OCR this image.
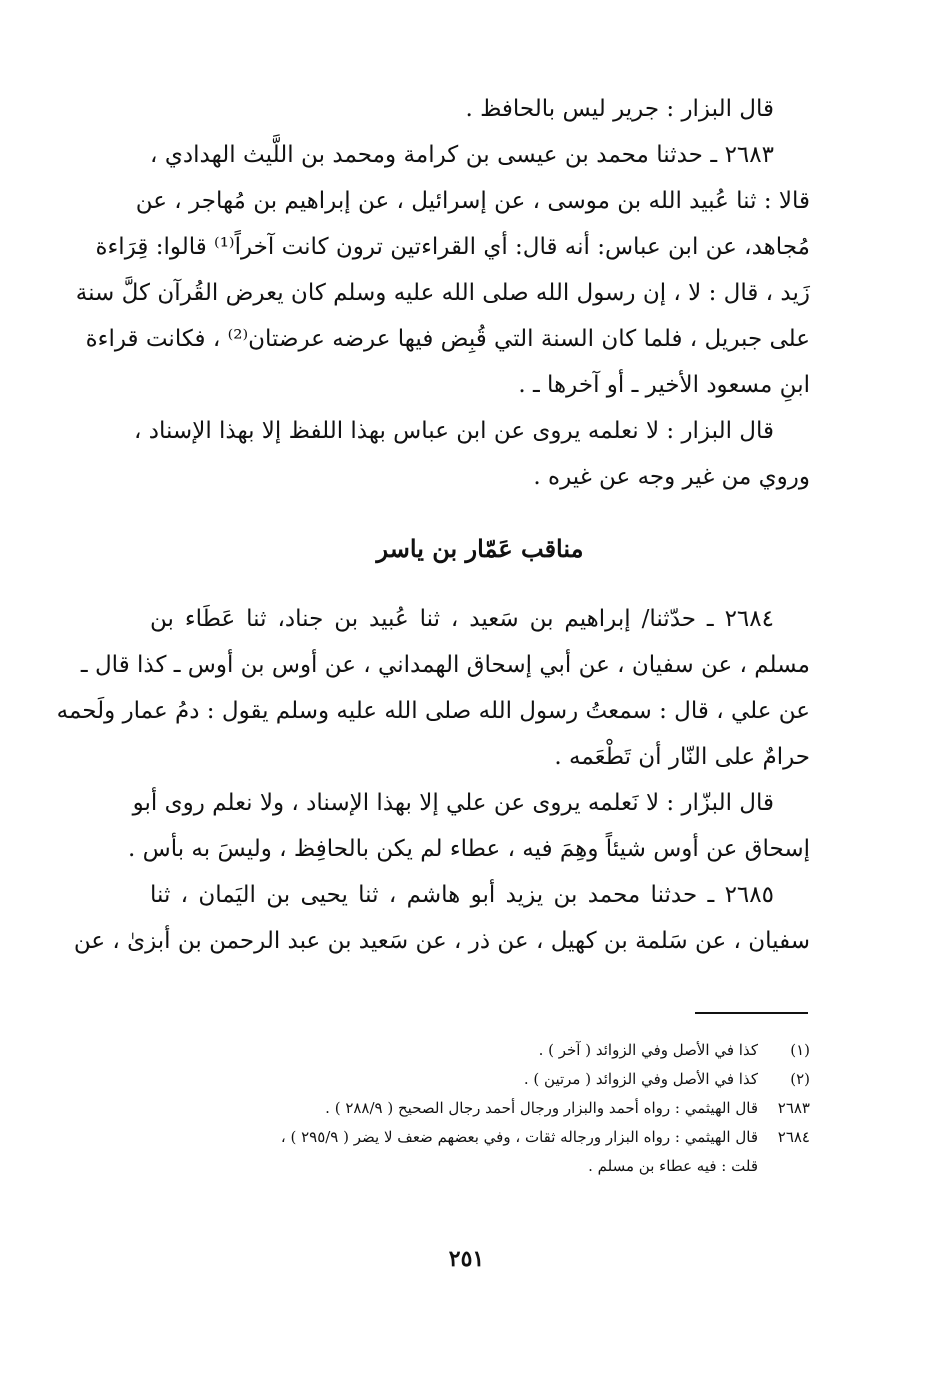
قال البزار : جرير ليس بالحافظ .
٢٦٨٣ ـ حدثنا محمد بن عيسى بن كرامة ومحمد بن اللَّيث الهدادي ،
قالا : ثنا عُبيد الله بن موسى ، عن إسرائيل ، عن إبراهيم بن مُهاجر ، عن
مُجاهد، عن ابن عباس: أنه قال: أي القراءتين ترون كانت آخراً⁽¹⁾ قالوا: قِرَاءة
زَيد ، قال : لا ، إن رسول الله صلى الله عليه وسلم كان يعرض القُرآن كلَّ سنة
على جبريل ، فلما كان السنة التي قُبِض فيها عرضه عرضتان⁽²⁾ ، فكانت قراءة
ابنِ مسعود الأخير ـ أو آخرها ـ .
قال البزار : لا نعلمه يروى عن ابن عباس بهذا اللفظ إلا بهذا الإسناد ،
وروي من غير وجه عن غيره .
مناقب عَمّار بن ياسر
٢٦٨٤ ـ حدّثنا/ إبراهيم بن سَعيد ، ثنا عُبيد بن جناد، ثنا عَطَاء بن
مسلم ، عن سفيان ، عن أبي إسحاق الهمداني ، عن أوس بن أوس ـ كذا قال ـ
عن علي ، قال : سمعتُ رسول الله صلى الله عليه وسلم يقول : دمُ عمار ولَحمه
حرامٌ على النّار أن تَطْعَمه .
قال البزّار : لا نَعلمه يروى عن علي إلا بهذا الإسناد ، ولا نعلم روى أبو
إسحاق عن أوس شيئاً وهِمَ فيه ، عطاء لم يكن بالحافِظ ، وليسَ به بأس .
٢٦٨٥ ـ حدثنا محمد بن يزيد أبو هاشم ، ثنا يحيى بن اليَمان ، ثنا
سفيان ، عن سَلمة بن كهيل ، عن ذر ، عن سَعيد بن عبد الرحمن بن أبزىٰ ، عن
(١)
كذا في الأصل وفي الزوائد ( آخر ) .
(٢)
كذا في الأصل وفي الزوائد ( مرتين ) .
٢٦٨٣
قال الهيثمي : رواه أحمد والبزار ورجال أحمد رجال الصحيح ( ٢٨٨/٩ ) .
٢٦٨٤
قال الهيثمي : رواه البزار ورجاله ثقات ، وفي بعضهم ضعف لا يضر ( ٢٩٥/٩ ) ،
قلت : فيه عطاء بن مسلم .
٢٥١
